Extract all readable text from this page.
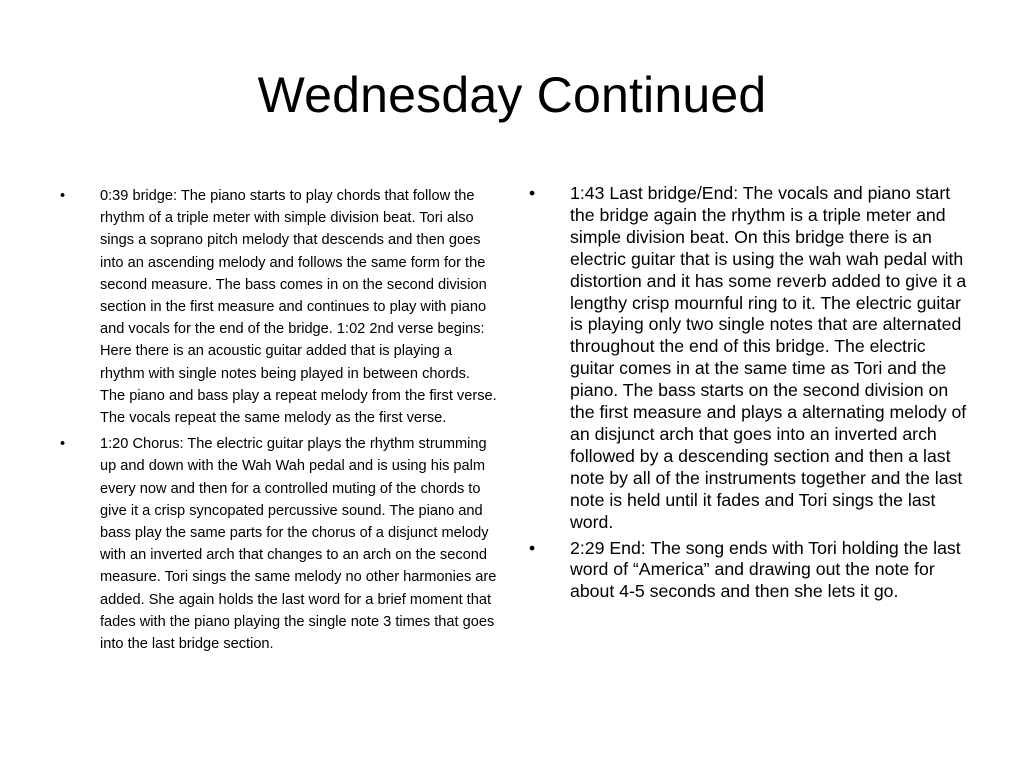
Wednesday Continued
• 0:39 bridge: The piano starts to play chords that follow the rhythm of a triple meter with simple division beat. Tori also sings a soprano pitch melody that descends and then goes into an ascending melody and follows the same form for the second measure. The bass comes in on the second division section in the first measure and continues to play with piano and vocals for the end of the bridge. 1:02 2nd verse begins: Here there is an acoustic guitar added that is playing a rhythm with single notes being played in between chords. The piano and bass play a repeat melody from the first verse. The vocals repeat the same melody as the first verse.
• 1:20 Chorus: The electric guitar plays the rhythm strumming up and down with the Wah Wah pedal and is using his palm every now and then for a controlled muting of the chords to give it a crisp syncopated percussive sound. The piano and bass play the same parts for the chorus of a disjunct melody with an inverted arch that changes to an arch on the second measure. Tori sings the same melody no other harmonies are added. She again holds the last word for a brief moment that fades with the piano playing the single note 3 times that goes into the last bridge section.
• 1:43 Last bridge/End: The vocals and piano start the bridge again the rhythm is a triple meter and simple division beat. On this bridge there is an electric guitar that is using the wah wah pedal with distortion and it has some reverb added to give it a lengthy crisp mournful ring to it. The electric guitar is playing only two single notes that are alternated throughout the end of this bridge. The electric guitar comes in at the same time as Tori and the piano. The bass starts on the second division on the first measure and plays a alternating melody of an disjunct arch that goes into an inverted arch followed by a descending section and then a last note by all of the instruments together and the last note is held until it fades and Tori sings the last word.
• 2:29 End: The song ends with Tori holding the last word of “America” and drawing out the note for about 4-5 seconds and then she lets it go.
